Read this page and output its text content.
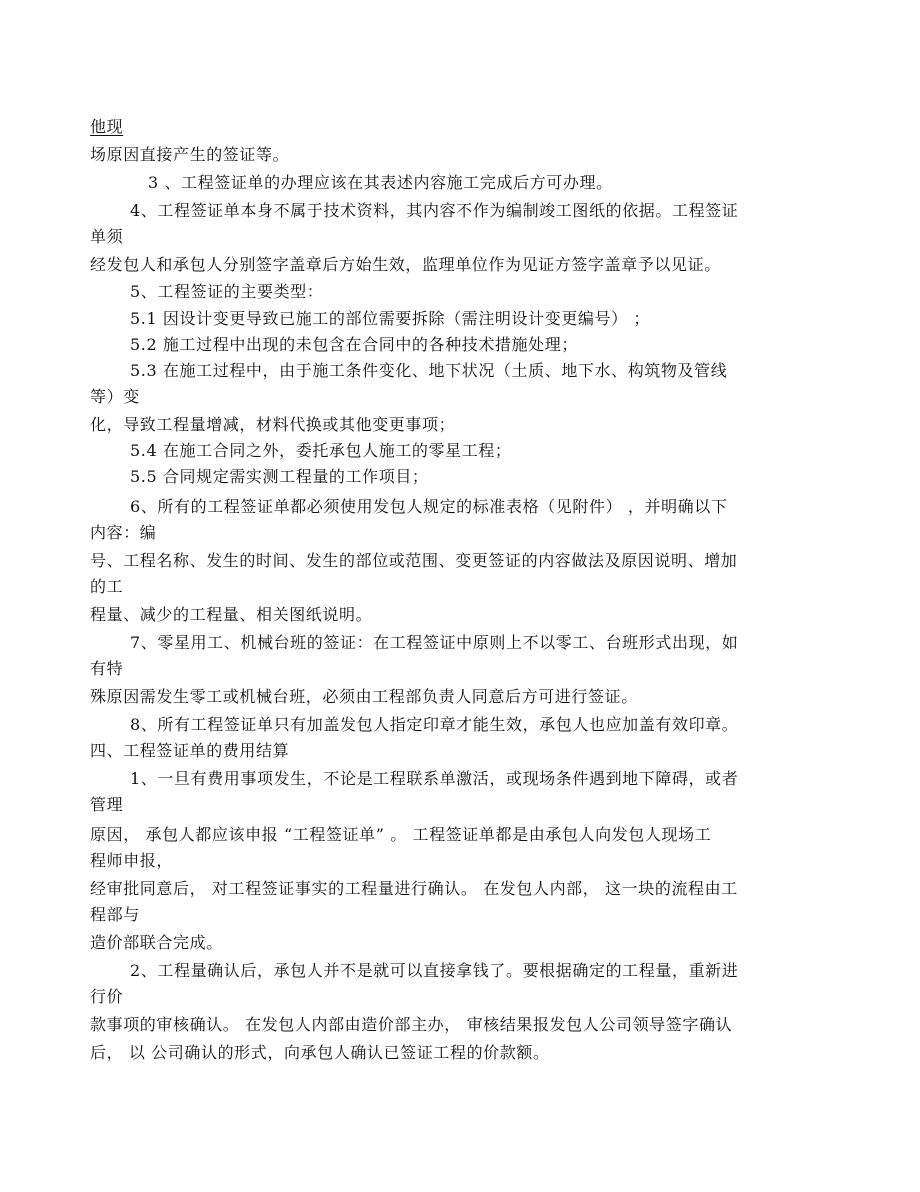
他现
场原因直接产生的签证等。
3 、工程签证单的办理应该在其表述内容施工完成后方可办理。
4、工程签证单本身不属于技术资料，其内容不作为编制竣工图纸的依据。工程签证
单须
经发包人和承包人分别签字盖章后方始生效，监理单位作为见证方签字盖章予以见证。
5、工程签证的主要类型：
5.1 因设计变更导致已施工的部位需要拆除（需注明设计变更编号） ；
5.2 施工过程中出现的未包含在合同中的各种技术措施处理；
5.3 在施工过程中，由于施工条件变化、地下状况（土质、地下水、构筑物及管线
等）变
化，导致工程量增减，材料代换或其他变更事项；
5.4 在施工合同之外，委托承包人施工的零星工程；
5.5 合同规定需实测工程量的工作项目；
6、所有的工程签证单都必须使用发包人规定的标准表格（见附件） ，并明确以下
内容：编
号、工程名称、发生的时间、发生的部位或范围、变更签证的内容做法及原因说明、增加
的工
程量、减少的工程量、相关图纸说明。
7、零星用工、机械台班的签证：在工程签证中原则上不以零工、台班形式出现，如
有特
殊原因需发生零工或机械台班，必须由工程部负责人同意后方可进行签证。
8、所有工程签证单只有加盖发包人指定印章才能生效，承包人也应加盖有效印章。
四、工程签证单的费用结算
1、一旦有费用事项发生，不论是工程联系单激活，或现场条件遇到地下障碍，或者
管理
原因， 承包人都应该申报 “工程签证单” 。 工程签证单都是由承包人向发包人现场工
程师申报，
经审批同意后， 对工程签证事实的工程量进行确认。 在发包人内部， 这一块的流程由工
程部与
造价部联合完成。
2、工程量确认后，承包人并不是就可以直接拿钱了。要根据确定的工程量，重新进
行价
款事项的审核确认。 在发包人内部由造价部主办， 审核结果报发包人公司领导签字确认
后， 以 公司确认的形式，向承包人确认已签证工程的价款额。
